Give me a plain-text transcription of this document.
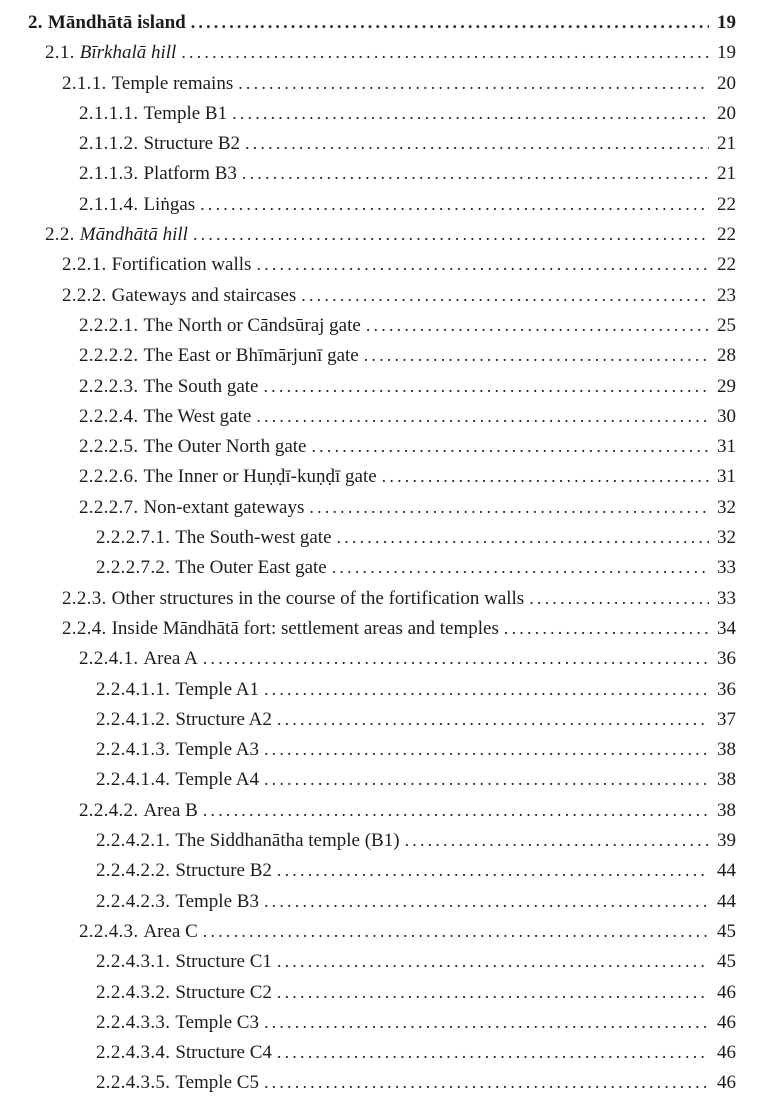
2. Māndhātā island .....	19
2.1. Bīrkhalā hill .....	19
2.1.1. Temple remains .....	20
2.1.1.1. Temple B1 .....	20
2.1.1.2. Structure B2 .....	21
2.1.1.3. Platform B3 .....	21
2.1.1.4. Liṅgas .....	22
2.2. Māndhātā hill .....	22
2.2.1. Fortification walls .....	22
2.2.2. Gateways and staircases .....	23
2.2.2.1. The North or Cāndsūraj gate .....	25
2.2.2.2. The East or Bhīmārjunī gate .....	28
2.2.2.3. The South gate .....	29
2.2.2.4. The West gate .....	30
2.2.2.5. The Outer North gate .....	31
2.2.2.6. The Inner or Huṇḍī-kuṇḍī gate .....	31
2.2.2.7. Non-extant gateways .....	32
2.2.2.7.1. The South-west gate .....	32
2.2.2.7.2. The Outer East gate .....	33
2.2.3. Other structures in the course of the fortification walls .....	33
2.2.4. Inside Māndhātā fort: settlement areas and temples .....	34
2.2.4.1. Area A .....	36
2.2.4.1.1. Temple A1 .....	36
2.2.4.1.2. Structure A2 .....	37
2.2.4.1.3. Temple A3 .....	38
2.2.4.1.4. Temple A4 .....	38
2.2.4.2. Area B .....	38
2.2.4.2.1. The Siddhanātha temple (B1) .....	39
2.2.4.2.2. Structure B2 .....	44
2.2.4.2.3. Temple B3 .....	44
2.2.4.3. Area C .....	45
2.2.4.3.1. Structure C1 .....	45
2.2.4.3.2. Structure C2 .....	46
2.2.4.3.3. Temple C3 .....	46
2.2.4.3.4. Structure C4 .....	46
2.2.4.3.5. Temple C5 .....	46
